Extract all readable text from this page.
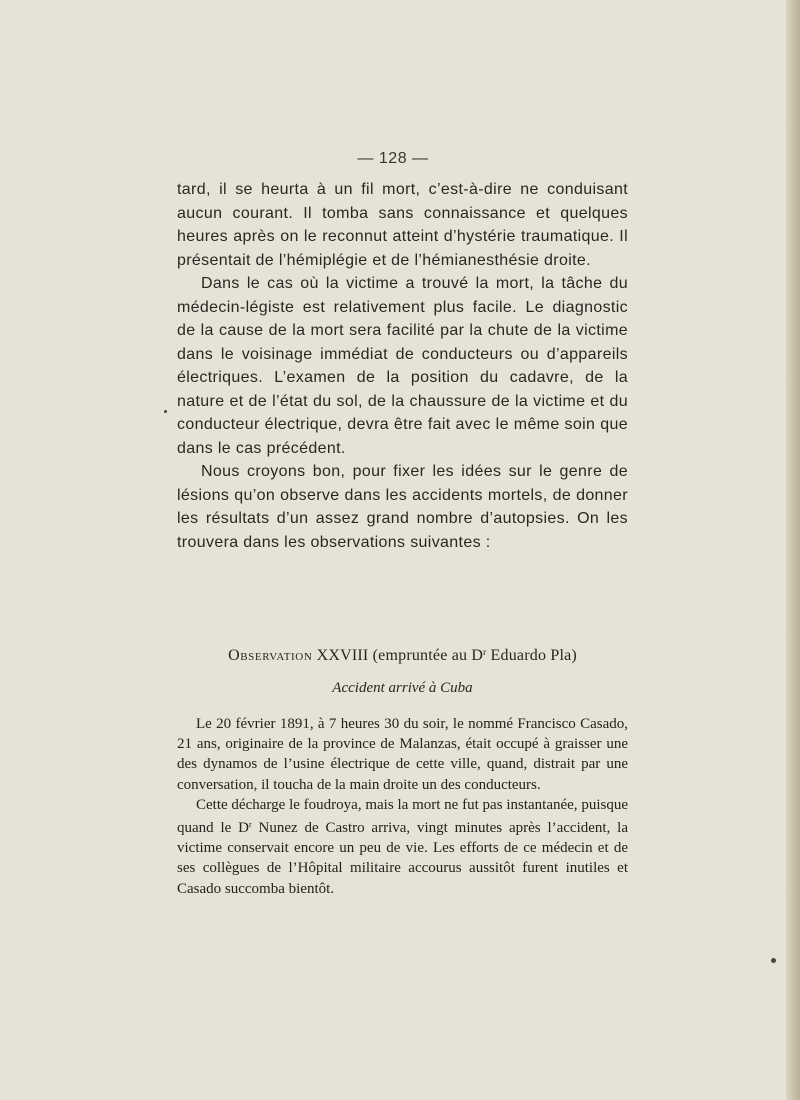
— 128 —

tard, il se heurta à un fil mort, c’est-à-dire ne conduisant aucun courant. Il tomba sans connaissance et quelques heures après on le reconnut atteint d’hystérie traumatique. Il présentait de l’hémiplégie et de l’hémianesthésie droite.

Dans le cas où la victime a trouvé la mort, la tâche du médecin-légiste est relativement plus facile. Le diagnostic de la cause de la mort sera facilité par la chute de la victime dans le voisinage immédiat de conducteurs ou d’appareils électriques. L’examen de la position du cadavre, de la nature et de l’état du sol, de la chaussure de la victime et du conducteur électrique, devra être fait avec le même soin que dans le cas précédent.

Nous croyons bon, pour fixer les idées sur le genre de lésions qu’on observe dans les accidents mortels, de donner les résultats d’un assez grand nombre d’autopsies. On les trouvera dans les observations suivantes :

Observation XXVIII (empruntée au $D^r$ Eduardo Pla)
Accident arrivé à Cuba

Le 20 février 1891, à 7 heures 30 du soir, le nommé Francisco Casado, 21 ans, originaire de la province de Malanzas, était occupé à graisser une des dynamos de l’usine électrique de cette ville, quand, distrait par une conversation, il toucha de la main droite un des conducteurs.

Cette décharge le foudroya, mais la mort ne fut pas instantanée, puisque quand le $D^r$ Nunez de Castro arriva, vingt minutes après l’accident, la victime conservait encore un peu de vie. Les efforts de ce médecin et de ses collègues de l’Hôpital militaire accourus aussitôt furent inutiles et Casado succomba bientôt.
